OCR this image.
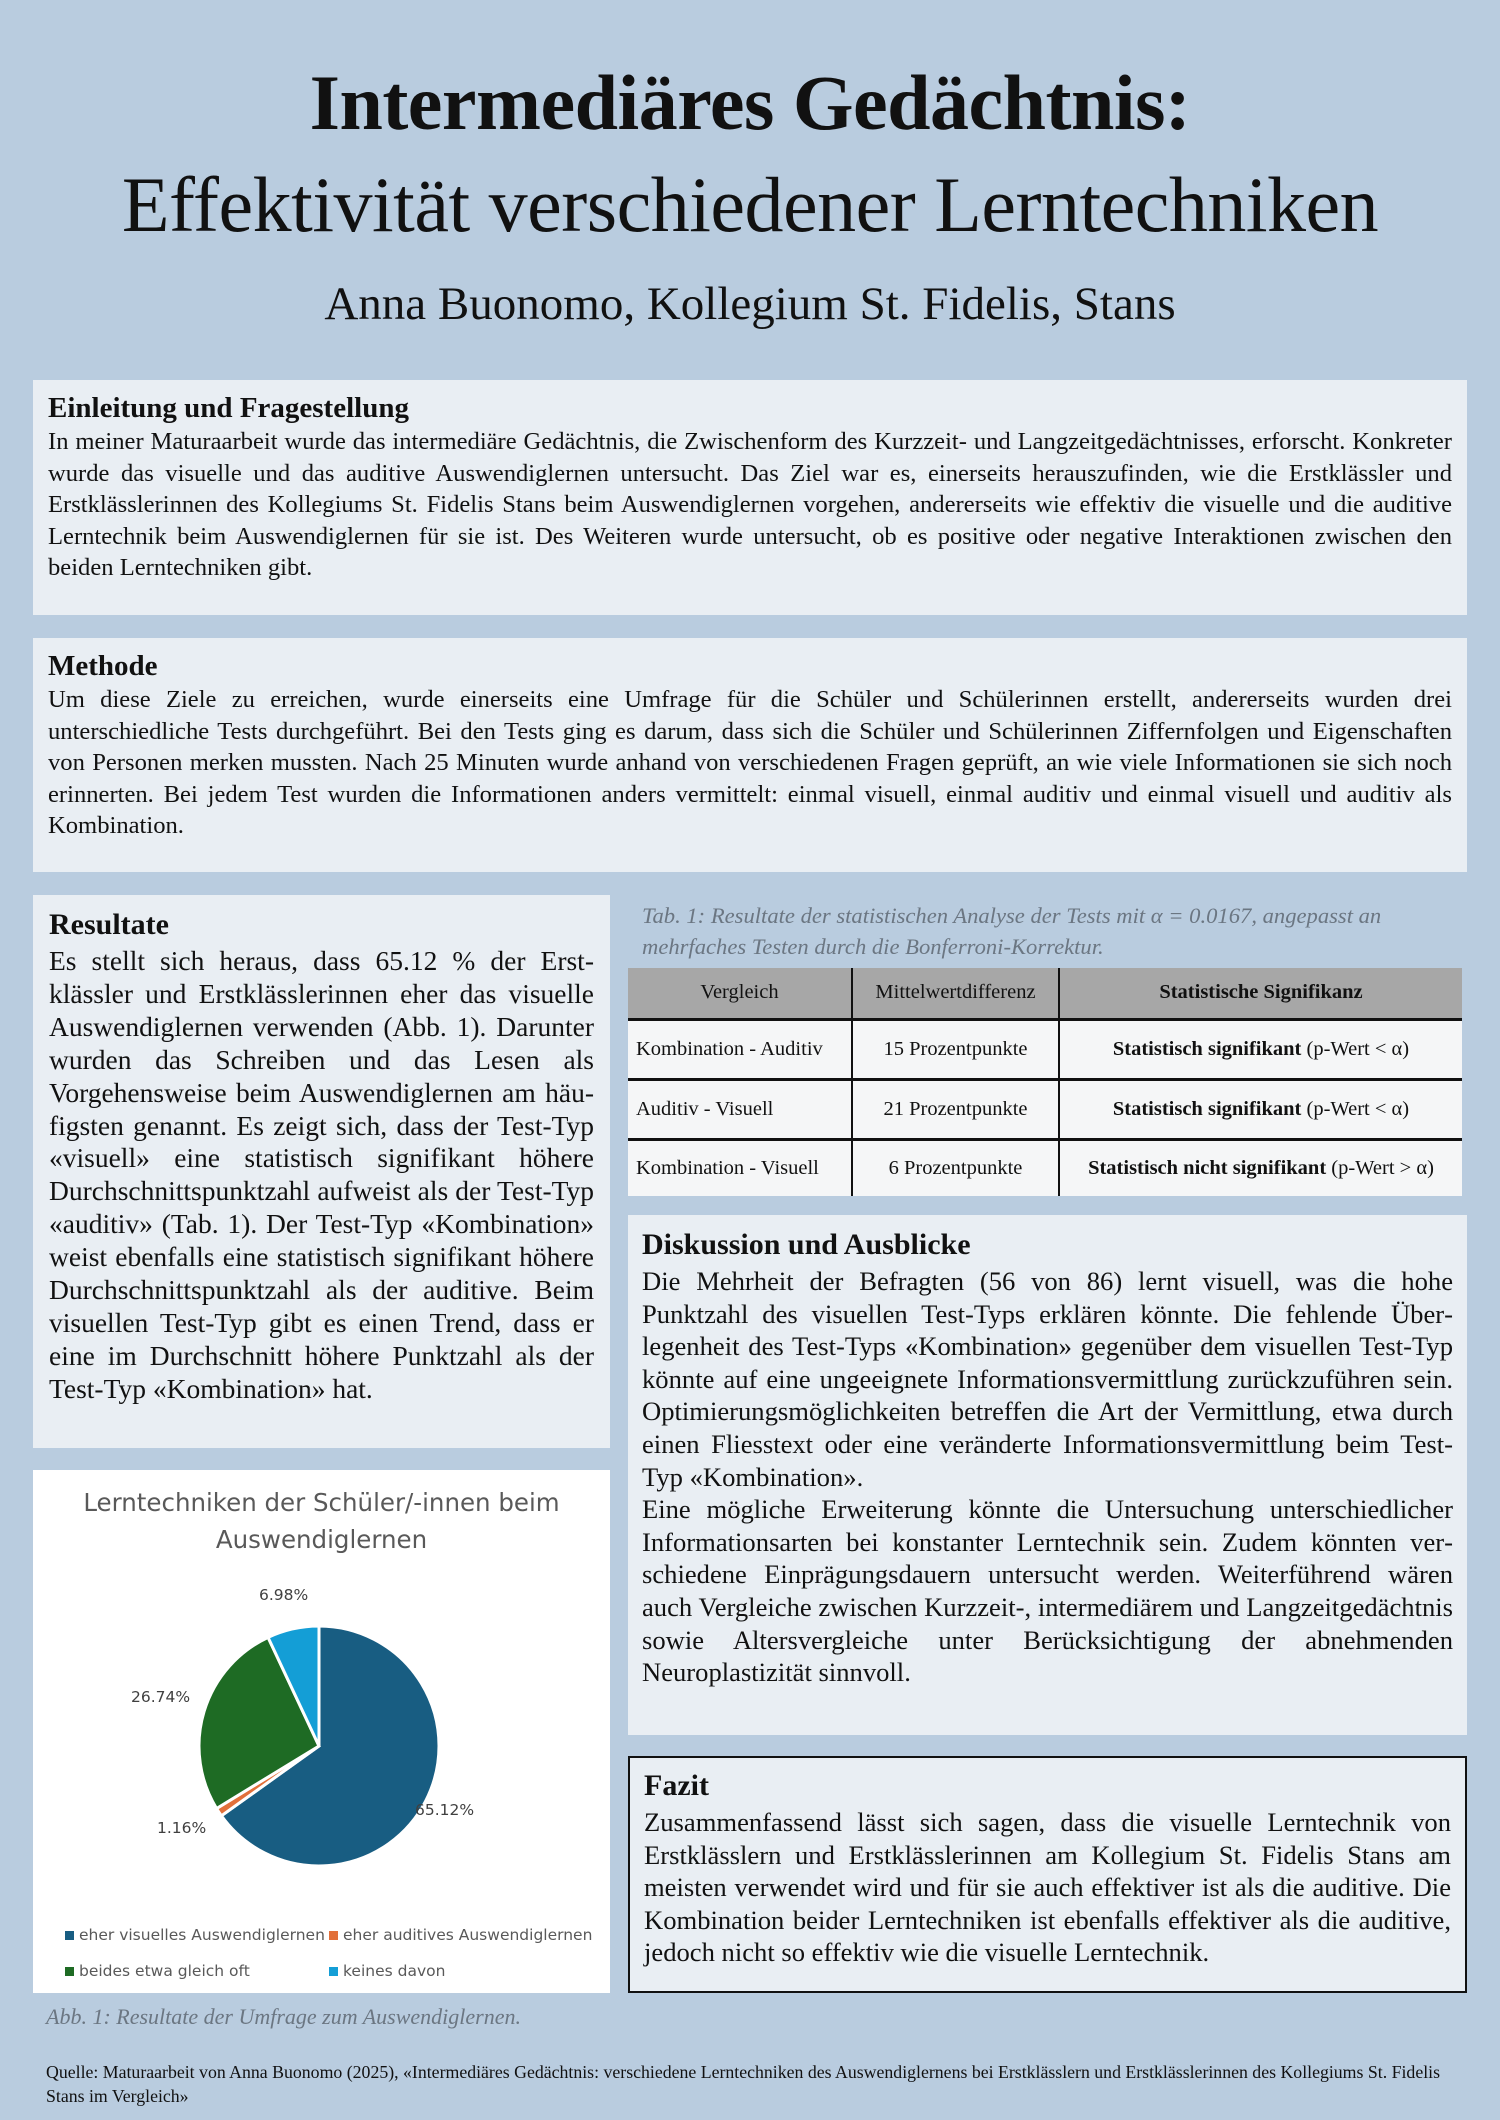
Intermediäres Gedächtnis:
Effektivität verschiedener Lerntechniken
Anna Buonomo, Kollegium St. Fidelis, Stans
Einleitung und Fragestellung

In meiner Maturaarbeit wurde das intermediäre Gedächtnis, die Zwischenform des Kurzzeit- und Langzeitgedächtnisses, erforscht. Konkreter wurde das visuelle und das auditive Auswendiglernen untersucht. Das Ziel war es, einerseits herauszufinden, wie die Erstklässler und Erstklässlerinnen des Kollegiums St. Fidelis Stans beim Auswendiglernen vorgehen, andererseits wie effektiv die visuelle und die auditive Lerntechnik beim Auswendiglernen für sie ist. Des Weiteren wurde untersucht, ob es positive oder negative Interaktionen zwischen den beiden Lerntechniken gibt.

Methode

Um diese Ziele zu erreichen, wurde einerseits eine Umfrage für die Schüler und Schülerinnen erstellt, andererseits wurden drei unterschiedliche Tests durchgeführt. Bei den Tests ging es darum, dass sich die Schüler und Schülerinnen Ziffernfolgen und Eigenschaften von Personen merken mussten. Nach 25 Minuten wurde anhand von verschiedenen Fragen geprüft, an wie viele Informationen sie sich noch erinnerten. Bei jedem Test wurden die Informationen anders vermittelt: einmal visuell, einmal auditiv und einmal visuell und auditiv als Kombination.

Resultate

Es stellt sich heraus, dass 65.12 % der Erstklässler und Erstklässlerinnen eher das visuelle Auswendiglernen verwenden (Abb. 1). Darunter wurden das Schreiben und das Lesen als Vorgehensweise beim Auswendiglernen am häufigsten genannt. Es zeigt sich, dass der Test-Typ «visuell» eine statistisch signifikant höhere Durchschnittspunktzahl aufweist als der Test-Typ «auditiv» (Tab. 1). Der Test-Typ «Kombination» weist ebenfalls eine statistisch signifikant höhere Durchschnittspunktzahl als der auditive. Beim visuellen Test-Typ gibt es einen Trend, dass er eine im Durchschnitt höhere Punktzahl als der Test-Typ «Kombination» hat.

Tab. 1: Resultate der statistischen Analyse der Tests mit α = 0.0167, angepasst an mehrfaches Testen durch die Bonferroni-Korrektur.
Vergleich	Mittelwertdifferenz	Statistische Signifikanz
Kombination - Auditiv	15 Prozentpunkte	Statistisch signifikant (p-Wert < α)
Auditiv - Visuell	21 Prozentpunkte	Statistisch signifikant (p-Wert < α)
Kombination - Visuell	6 Prozentpunkte	Statistisch nicht signifikant (p-Wert > α)
Diskussion und Ausblicke

Die Mehrheit der Befragten (56 von 86) lernt visuell, was die hohe Punktzahl des visuellen Test-Typs erklären könnte. Die fehlende Überlegenheit des Test-Typs «Kombination» gegenüber dem visuellen Test-Typ könnte auf eine ungeeignete Informationsvermittlung zurückzuführen sein. Optimierungsmöglichkeiten betreffen die Art der Vermittlung, etwa durch einen Fliesstext oder eine veränderte Informationsvermittlung beim Test-Typ «Kombination».

Eine mögliche Erweiterung könnte die Untersuchung unterschiedlicher Informationsarten bei konstanter Lerntechnik sein. Zudem könnten verschiedene Einprägungsdauern untersucht werden. Weiterführend wären auch Vergleiche zwischen Kurzzeit-, intermediärem und Langzeitgedächtnis sowie Altersvergleiche unter Berücksichtigung der abnehmenden Neuroplastizität sinnvoll.

Lerntechniken der Schüler/-innen beim
Auswendiglernen
65.12%
1.16%
26.74%
6.98%
eher visuelles Auswendiglernen eher auditives Auswendiglernen
beides etwa gleich oft	keines davon
Abb. 1: Resultate der Umfrage zum Auswendiglernen.
Fazit

Zusammenfassend lässt sich sagen, dass die visuelle Lerntechnik von Erstklässlern und Erstklässlerinnen am Kollegium St. Fidelis Stans am meisten verwendet wird und für sie auch effektiver ist als die auditive. Die Kombination beider Lerntechniken ist ebenfalls effektiver als die auditive, jedoch nicht so effektiv wie die visuelle Lerntechnik.

Quelle: Maturaarbeit von Anna Buonomo (2025), «Intermediäres Gedächtnis: verschiedene Lerntechniken des Auswendiglernens bei Erstklässlern und Erstklässlerinnen des Kollegiums St. Fidelis Stans im Vergleich»
